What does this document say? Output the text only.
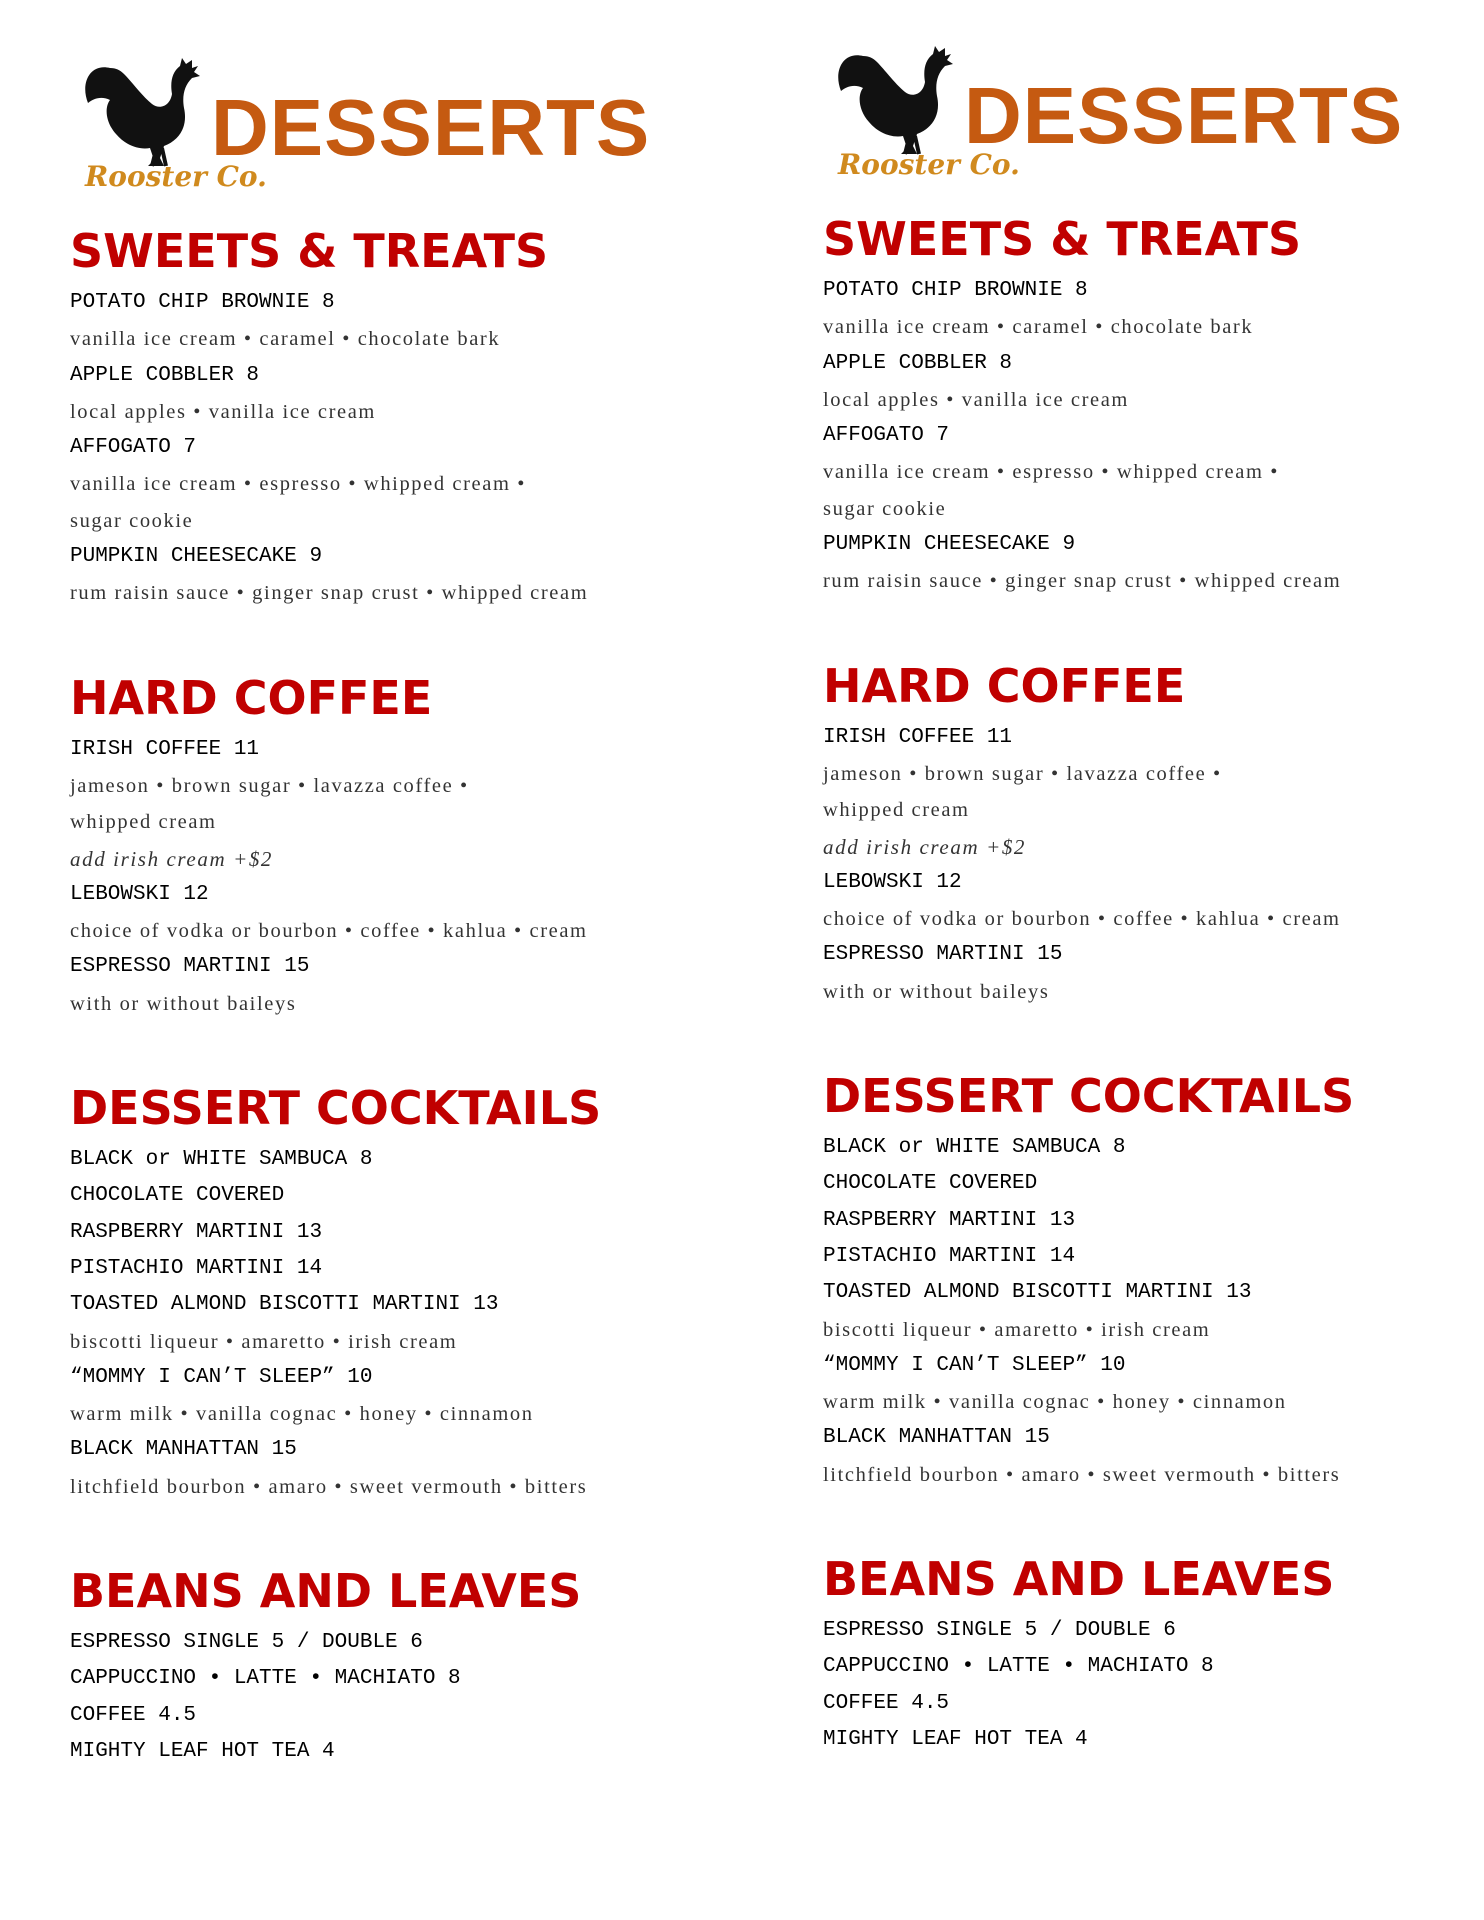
DESSERTS
Rooster Co.
SWEETS & TREATS
POTATO CHIP BROWNIE 8
vanilla ice cream • caramel • chocolate bark
APPLE COBBLER 8
local apples • vanilla ice cream
AFFOGATO 7
vanilla ice cream • espresso • whipped cream •
sugar cookie
PUMPKIN CHEESECAKE 9
rum raisin sauce • ginger snap crust • whipped cream
HARD COFFEE
IRISH COFFEE 11
jameson • brown sugar • lavazza coffee •
whipped cream
add irish cream +$2
LEBOWSKI 12
choice of vodka or bourbon • coffee • kahlua • cream
ESPRESSO MARTINI 15
with or without baileys
DESSERT COCKTAILS
BLACK or WHITE SAMBUCA 8
CHOCOLATE COVERED
RASPBERRY MARTINI 13
PISTACHIO MARTINI 14
TOASTED ALMOND BISCOTTI MARTINI 13
biscotti liqueur • amaretto • irish cream
“MOMMY I CAN’T SLEEP” 10
warm milk • vanilla cognac • honey • cinnamon
BLACK MANHATTAN 15
litchfield bourbon • amaro • sweet vermouth • bitters
BEANS AND LEAVES
ESPRESSO SINGLE 5 / DOUBLE 6
CAPPUCCINO • LATTE • MACHIATO 8
COFFEE 4.5
MIGHTY LEAF HOT TEA 4
DESSERTS
Rooster Co.
SWEETS & TREATS
POTATO CHIP BROWNIE 8
vanilla ice cream • caramel • chocolate bark
APPLE COBBLER 8
local apples • vanilla ice cream
AFFOGATO 7
vanilla ice cream • espresso • whipped cream •
sugar cookie
PUMPKIN CHEESECAKE 9
rum raisin sauce • ginger snap crust • whipped cream
HARD COFFEE
IRISH COFFEE 11
jameson • brown sugar • lavazza coffee •
whipped cream
add irish cream +$2
LEBOWSKI 12
choice of vodka or bourbon • coffee • kahlua • cream
ESPRESSO MARTINI 15
with or without baileys
DESSERT COCKTAILS
BLACK or WHITE SAMBUCA 8
CHOCOLATE COVERED
RASPBERRY MARTINI 13
PISTACHIO MARTINI 14
TOASTED ALMOND BISCOTTI MARTINI 13
biscotti liqueur • amaretto • irish cream
“MOMMY I CAN’T SLEEP” 10
warm milk • vanilla cognac • honey • cinnamon
BLACK MANHATTAN 15
litchfield bourbon • amaro • sweet vermouth • bitters
BEANS AND LEAVES
ESPRESSO SINGLE 5 / DOUBLE 6
CAPPUCCINO • LATTE • MACHIATO 8
COFFEE 4.5
MIGHTY LEAF HOT TEA 4
